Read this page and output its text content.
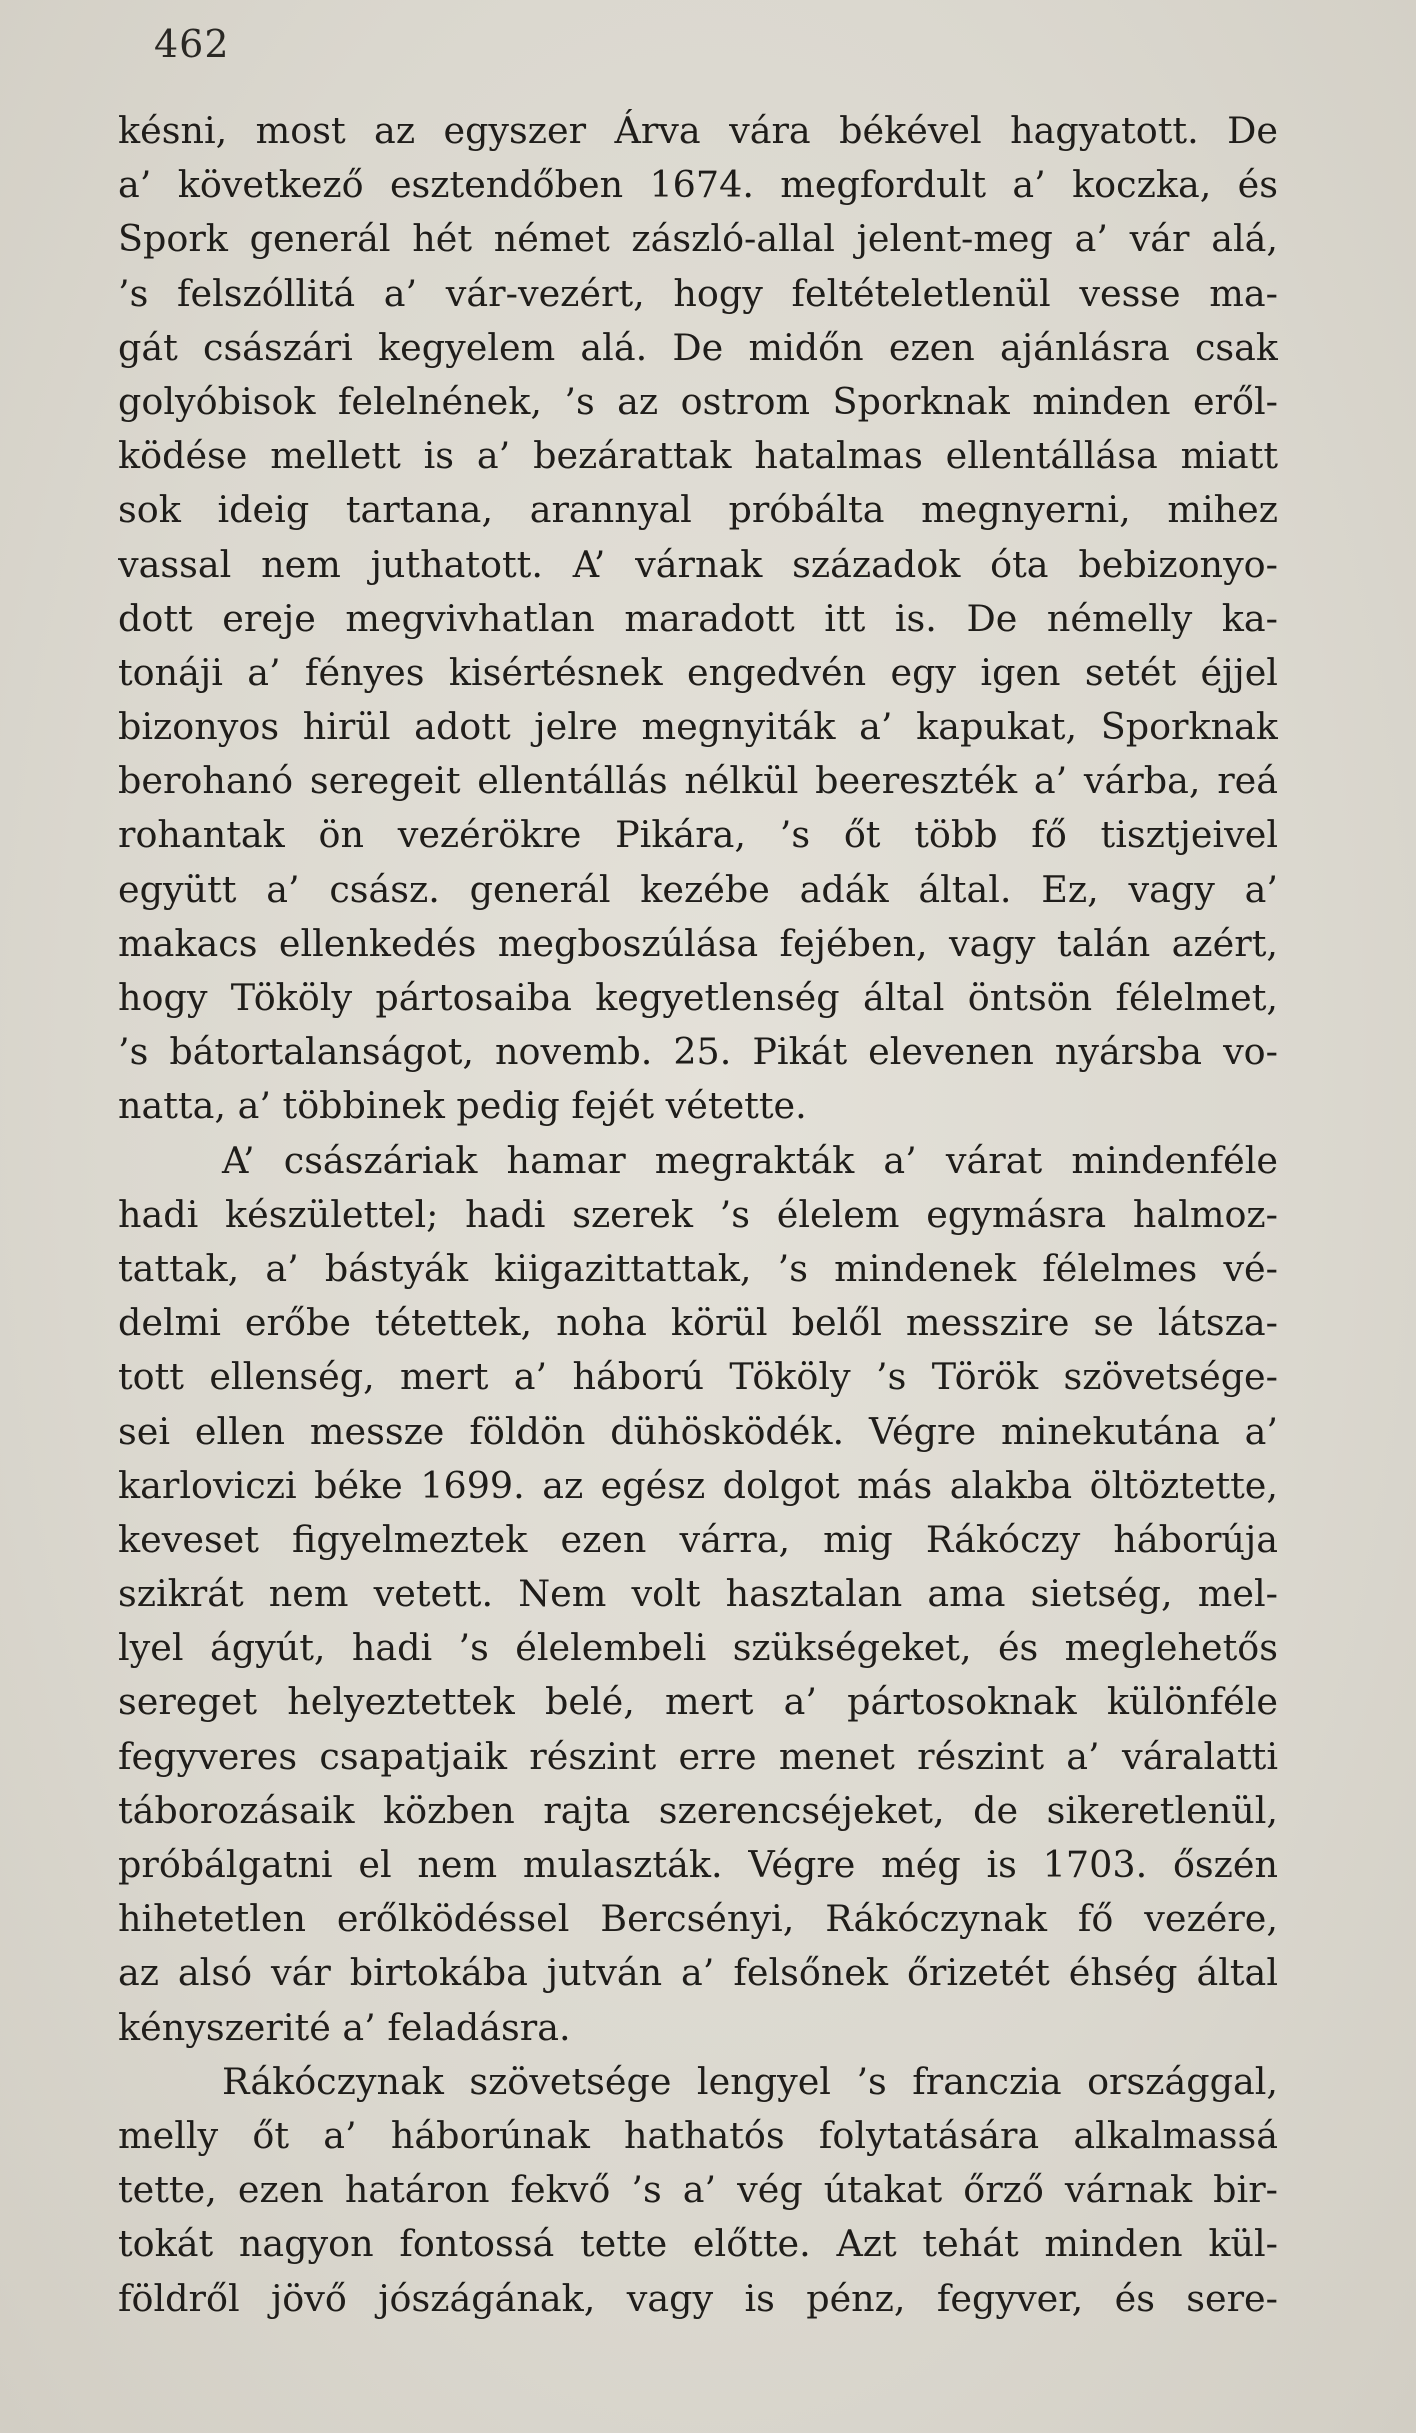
462
késni, most az egyszer Árva vára békével hagyatott. De
a’ következő esztendőben 1674. megfordult a’ koczka, és
Spork generál hét német zászló-allal jelent-meg a’ vár alá,
’s felszóllitá a’ vár-vezért, hogy feltételetlenül vesse ma-
gát császári kegyelem alá. De midőn ezen ajánlásra csak
golyóbisok felelnének, ’s az ostrom Sporknak minden eről-
ködése mellett is a’ bezárattak hatalmas ellentállása miatt
sok ideig tartana, arannyal próbálta megnyerni, mihez
vassal nem juthatott. A’ várnak századok óta bebizonyo-
dott ereje megvivhatlan maradott itt is. De némelly ka-
tonáji a’ fényes kisértésnek engedvén egy igen setét éjjel
bizonyos hirül adott jelre megnyiták a’ kapukat, Sporknak
berohanó seregeit ellentállás nélkül beereszték a’ várba, reá
rohantak ön vezérökre Pikára, ’s őt több fő tisztjeivel
együtt a’ csász. generál kezébe adák által. Ez, vagy a’
makacs ellenkedés megboszúlása fejében, vagy talán azért,
hogy Tököly pártosaiba kegyetlenség által öntsön félelmet,
’s bátortalanságot, novemb. 25. Pikát elevenen nyársba vo-
natta, a’ többinek pedig fejét vétette.
A’ császáriak hamar megrakták a’ várat mindenféle
hadi készülettel; hadi szerek ’s élelem egymásra halmoz-
tattak, a’ bástyák kiigazittattak, ’s mindenek félelmes vé-
delmi erőbe tétettek, noha körül belől messzire se látsza-
tott ellenség, mert a’ háború Tököly ’s Török szövetsége-
sei ellen messze földön dühösködék. Végre minekutána a’
karloviczi béke 1699. az egész dolgot más alakba öltöztette,
keveset figyelmeztek ezen várra, mig Rákóczy háborúja
szikrát nem vetett. Nem volt hasztalan ama sietség, mel-
lyel ágyút, hadi ’s élelembeli szükségeket, és meglehetős
sereget helyeztettek belé, mert a’ pártosoknak különféle
fegyveres csapatjaik részint erre menet részint a’ váralatti
táborozásaik közben rajta szerencséjeket, de sikeretlenül,
próbálgatni el nem mulaszták. Végre még is 1703. őszén
hihetetlen erőlködéssel Bercsényi, Rákóczynak fő vezére,
az alsó vár birtokába jutván a’ felsőnek őrizetét éhség által
kényszerité a’ feladásra.
Rákóczynak szövetsége lengyel ’s franczia országgal,
melly őt a’ háborúnak hathatós folytatására alkalmassá
tette, ezen határon fekvő ’s a’ vég útakat őrző várnak bir-
tokát nagyon fontossá tette előtte. Azt tehát minden kül-
földről jövő jószágának, vagy is pénz, fegyver, és sere-
